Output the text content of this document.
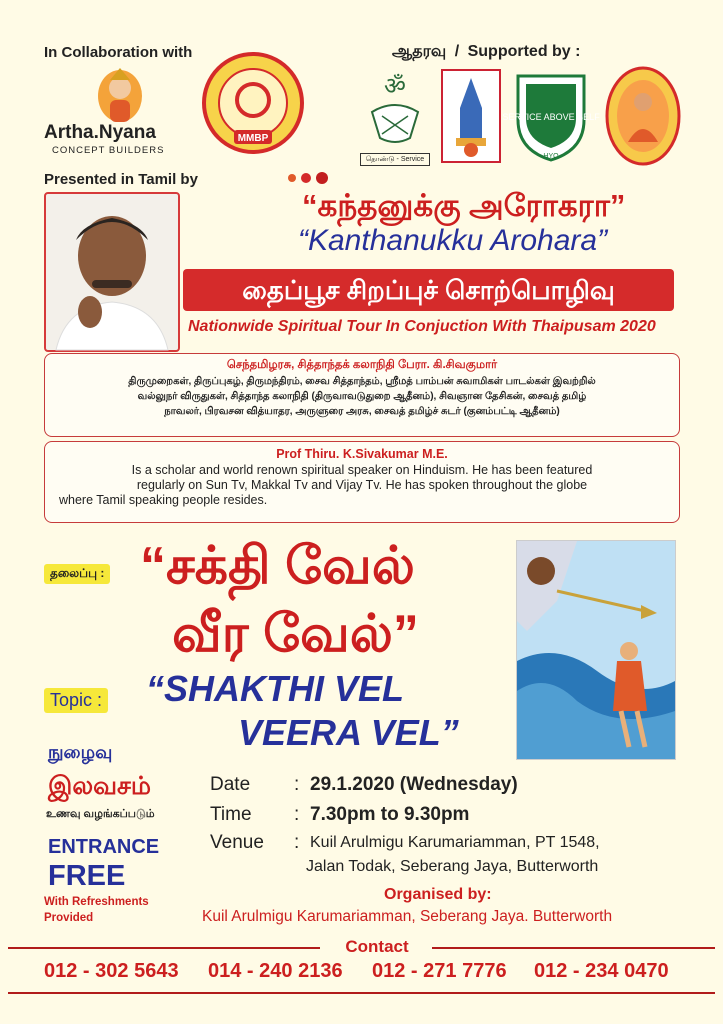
In Collaboration with
Artha.Nyana
CONCEPT BUILDERS
MMBP
Presented in Tamil by
ஆதரவு / Supported by :
ॐ
தொண்டு - Service
SERVICE ABOVE SELF
HYO
“கந்தனுக்கு அரோகரா”
“Kanthanukku Arohara”
தைப்பூச சிறப்புச் சொற்பொழிவு
Nationwide Spiritual Tour In Conjuction With Thaipusam 2020
செந்தமிழரசு, சித்தாந்தக் கலாநிதி பேரா. கி.சிவகுமார்
திருமுறைகள், திருப்புகழ், திருமந்திரம், சைவ சித்தாந்தம், ஸ்ரீமத் பாம்பன் சுவாமிகள் பாடல்கள் இவற்றில்
வல்லுநர் விருதுகள், சித்தாந்த கலாநிதி (திருவாவடுதுறை ஆதீனம்), சிவஞான தேசிகன், சைவத் தமிழ்
நாவலர், பிரவசன வித்யாதர, அருளுரை அரசு, சைவத் தமிழ்ச் சுடர் (குனம்பட்டி ஆதீனம்)
Prof Thiru. K.Sivakumar M.E.
Is a scholar and world renown spiritual speaker on Hinduism. He has been featured
regularly on Sun Tv, Makkal Tv and Vijay Tv. He has spoken throughout the globe
where Tamil speaking people resides.
தலைப்பு : “சக்தி வேல்
வீர வேல்”
Topic : “SHAKTHI VEL
VEERA VEL”
நுழைவு
இலவசம்
உணவு வழங்கப்படும்
ENTRANCE
FREE
With Refreshments
Provided
Date : 29.1.2020 (Wednesday)
Time : 7.30pm to 9.30pm
Venue : Kuil Arulmigu Karumariamman, PT 1548,
Jalan Todak, Seberang Jaya, Butterworth
Organised by:
Kuil Arulmigu Karumariamman, Seberang Jaya. Butterworth
Contact
012 - 302 5643 014 - 240 2136 012 - 271 7776 012 - 234 0470
